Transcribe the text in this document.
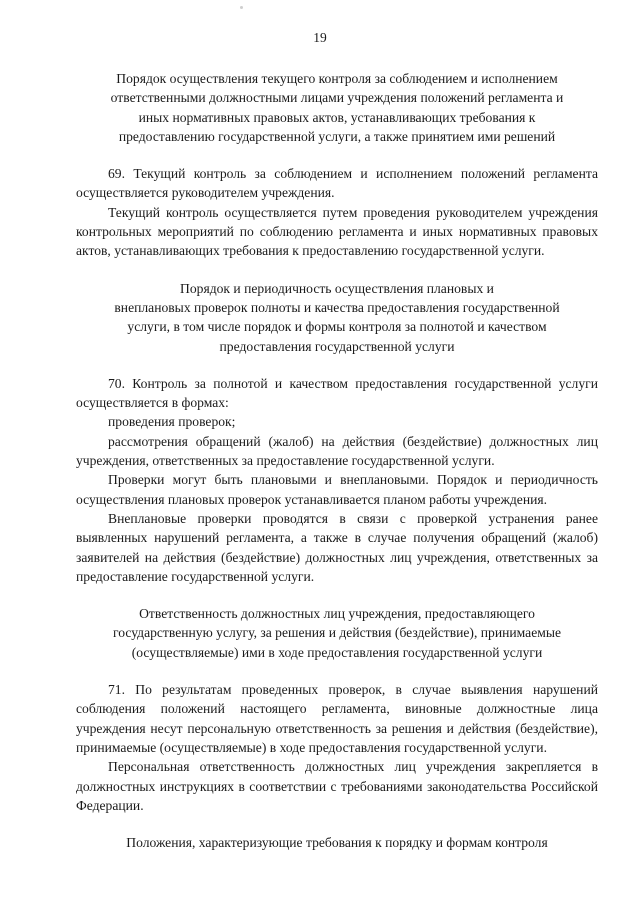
19
Порядок осуществления текущего контроля за соблюдением и исполнением
ответственными должностными лицами учреждения положений регламента и
иных нормативных правовых актов, устанавливающих требования к
предоставлению государственной услуги, а также принятием ими решений

69. Текущий контроль за соблюдением и исполнением положений регламента осуществляется руководителем учреждения.

Текущий контроль осуществляется путем проведения руководителем учреждения контрольных мероприятий по соблюдению регламента и иных нормативных правовых актов, устанавливающих требования к предоставлению государственной услуги.

Порядок и периодичность осуществления плановых и
внеплановых проверок полноты и качества предоставления государственной
услуги, в том числе порядок и формы контроля за полнотой и качеством
предоставления государственной услуги

70. Контроль за полнотой и качеством предоставления государственной услуги осуществляется в формах:

проведения проверок;

рассмотрения обращений (жалоб) на действия (бездействие) должностных лиц учреждения, ответственных за предоставление государственной услуги.

Проверки могут быть плановыми и внеплановыми. Порядок и периодичность осуществления плановых проверок устанавливается планом работы учреждения.

Внеплановые проверки проводятся в связи с проверкой устранения ранее выявленных нарушений регламента, а также в случае получения обращений (жалоб) заявителей на действия (бездействие) должностных лиц учреждения, ответственных за предоставление государственной услуги.

Ответственность должностных лиц учреждения, предоставляющего
государственную услугу, за решения и действия (бездействие), принимаемые
(осуществляемые) ими в ходе предоставления государственной услуги

71. По результатам проведенных проверок, в случае выявления нарушений соблюдения положений настоящего регламента, виновные должностные лица учреждения несут персональную ответственность за решения и действия (бездействие), принимаемые (осуществляемые) в ходе предоставления государственной услуги.

Персональная ответственность должностных лиц учреждения закрепляется в должностных инструкциях в соответствии с требованиями законодательства Российской Федерации.

Положения, характеризующие требования к порядку и формам контроля
